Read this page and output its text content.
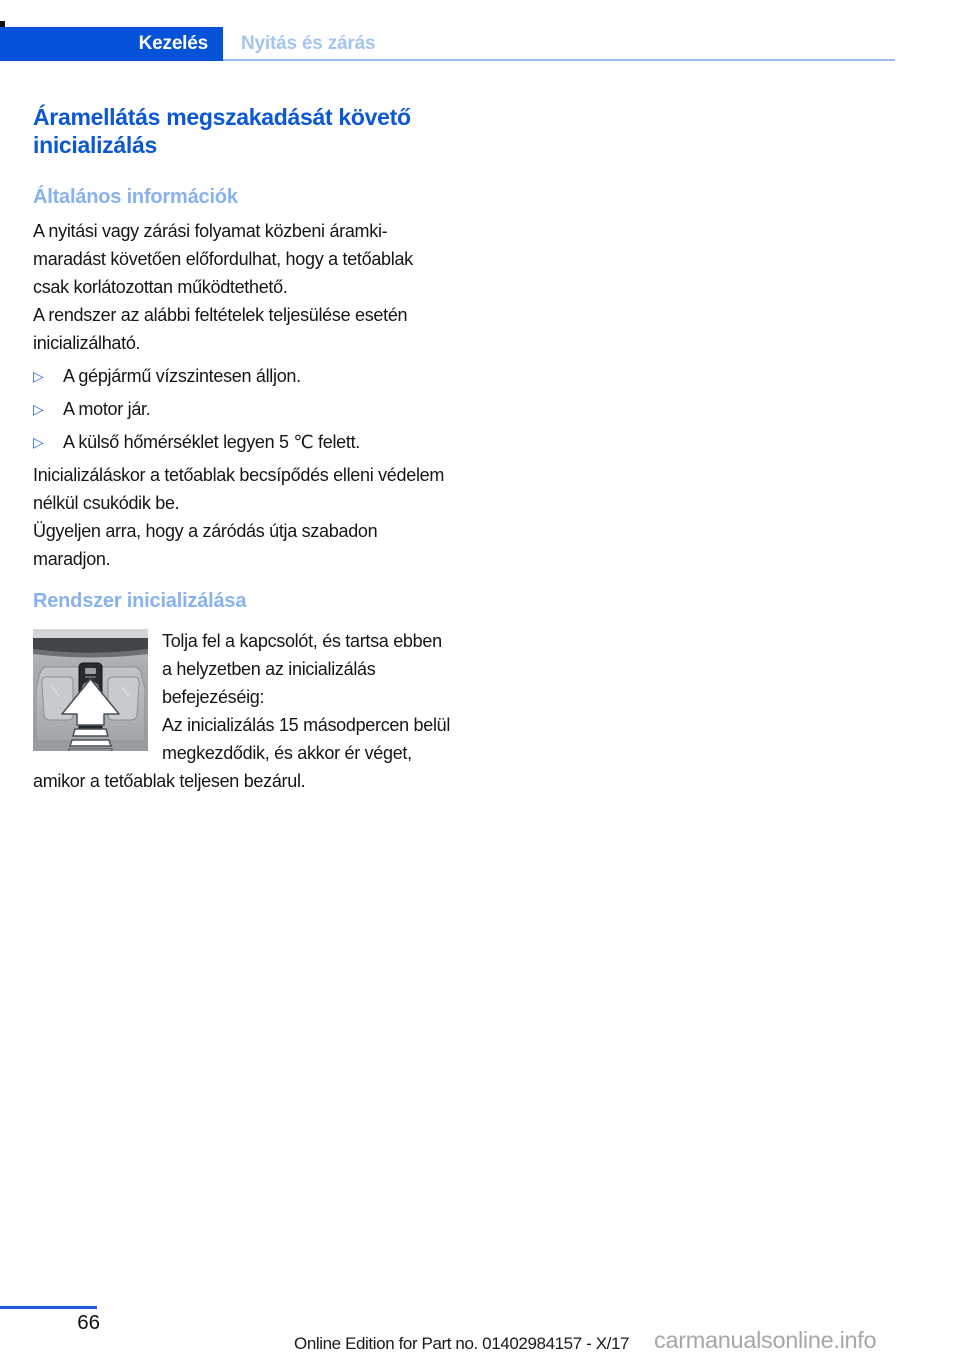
Kezelés Nyitás és zárás
Áramellátás megszakadását követő inicializálás
Általános információk

A nyitási vagy zárási folyamat közbeni áramkimaradást követően előfordulhat, hogy a tetőablak csak korlátozottan működtethető.

A rendszer az alábbi feltételek teljesülése esetén inicializálható.

▷	A gépjármű vízszintesen álljon.
▷	A motor jár.
▷	A külső hőmérséklet legyen 5 ℃ felett.

Inicializáláskor a tetőablak becsípődés elleni védelem nélkül csukódik be.

Ügyeljen arra, hogy a záródás útja szabadon maradjon.

Rendszer inicializálása

Tolja fel a kapcsolót, és tartsa ebben a helyzetben az inicializálás befejezéséig:

Az inicializálás 15 másodpercen belül megkezdődik, és akkor ér véget, amikor a tetőablak teljesen bezárul.

66
Online Edition for Part no. 01402984157 - X/17 carmanualsonline.info
